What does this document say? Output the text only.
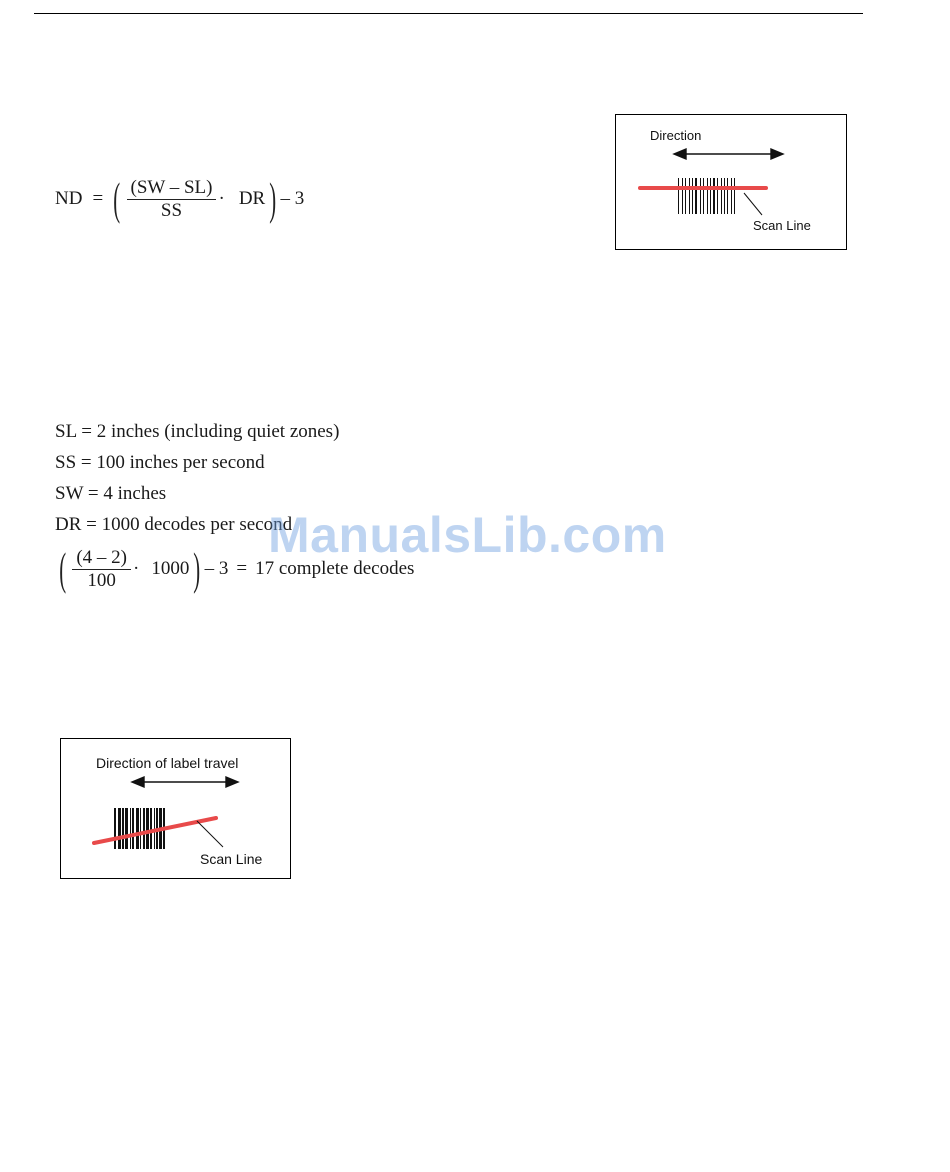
ND = ( $\frac{(SW - SL)}{SS}$ · DR ) – 3
Direction
Scan Line
SL = 2 inches (including quiet zones)
SS = 100 inches per second
SW = 4 inches
DR = 1000 decodes per second
( $\frac{(4 - 2)}{100} \cdot 1000$ ) – 3 = 17 complete decodes
ManualsLib.com
Direction of label travel
Scan Line
